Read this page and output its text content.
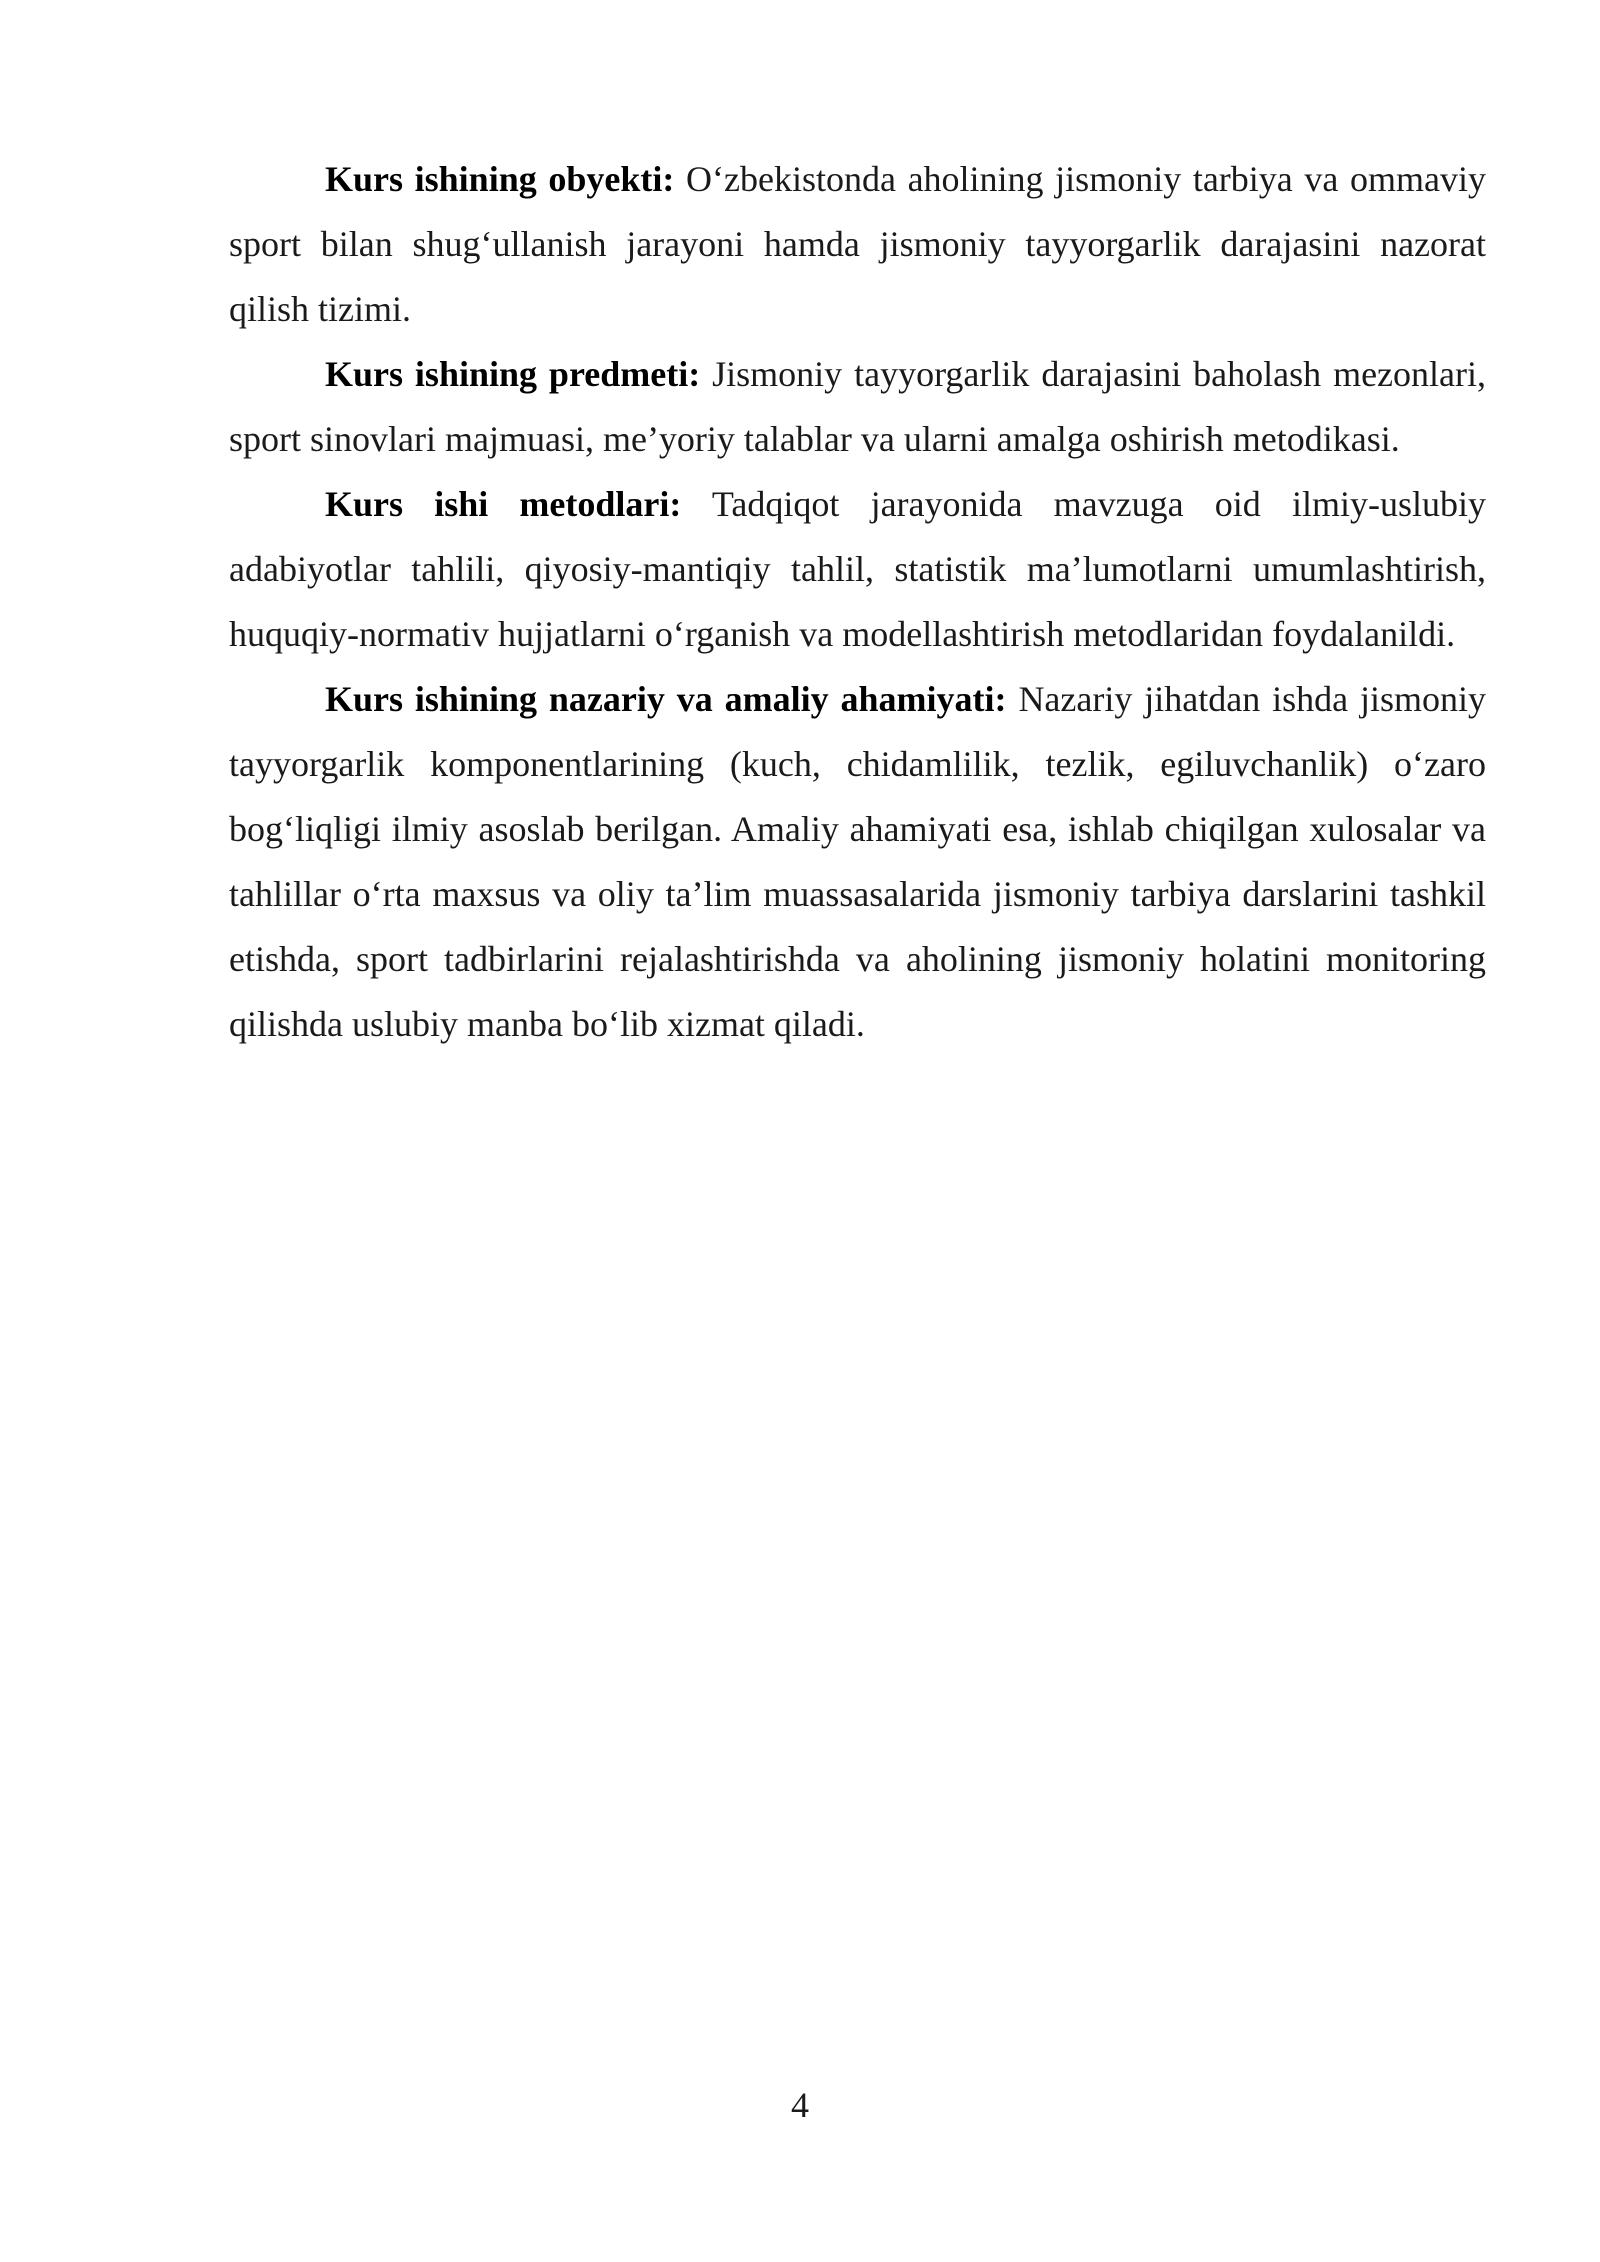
Kurs ishining obyekti: O‘zbekistonda aholining jismoniy tarbiya va ommaviy sport bilan shug‘ullanish jarayoni hamda jismoniy tayyorgarlik darajasini nazorat qilish tizimi.

Kurs ishining predmeti: Jismoniy tayyorgarlik darajasini baholash mezonlari, sport sinovlari majmuasi, me’yoriy talablar va ularni amalga oshirish metodikasi.

Kurs ishi metodlari: Tadqiqot jarayonida mavzuga oid ilmiy-uslubiy adabiyotlar tahlili, qiyosiy-mantiqiy tahlil, statistik ma’lumotlarni umumlashtirish, huquqiy-normativ hujjatlarni o‘rganish va modellashtirish metodlaridan foydalanildi.

Kurs ishining nazariy va amaliy ahamiyati: Nazariy jihatdan ishda jismoniy tayyorgarlik komponentlarining (kuch, chidamlilik, tezlik, egiluvchanlik) o‘zaro bog‘liqligi ilmiy asoslab berilgan. Amaliy ahamiyati esa, ishlab chiqilgan xulosalar va tahlillar o‘rta maxsus va oliy ta’lim muassasalarida jismoniy tarbiya darslarini tashkil etishda, sport tadbirlarini rejalashtirishda va aholining jismoniy holatini monitoring qilishda uslubiy manba bo‘lib xizmat qiladi.

4
